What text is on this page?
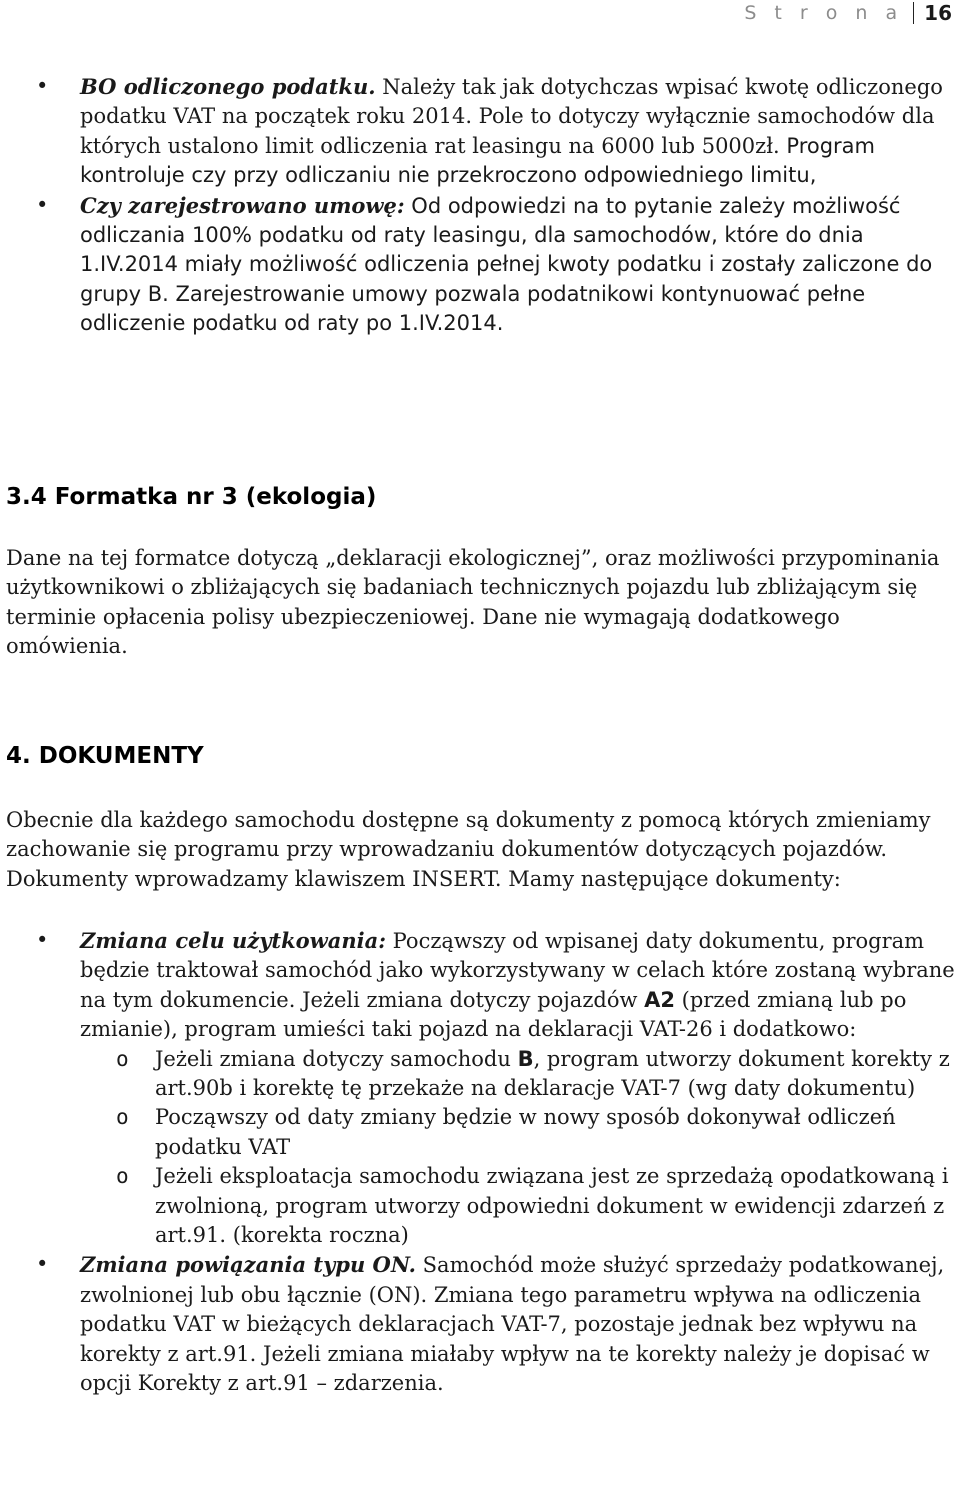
S t r o n a	16
• BO odliczonego podatku. Należy tak jak dotychczas wpisać kwotę odliczonego podatku VAT na początek roku 2014. Pole to dotyczy wyłącznie samochodów dla których ustalono limit odliczenia rat leasingu na 6000 lub 5000zł. Program kontroluje czy przy odliczaniu nie przekroczono odpowiedniego limitu,
• Czy zarejestrowano umowę: Od odpowiedzi na to pytanie zależy możliwość odliczania 100% podatku od raty leasingu, dla samochodów, które do dnia 1.IV.2014 miały możliwość odliczenia pełnej kwoty podatku i zostały zaliczone do grupy B. Zarejestrowanie umowy pozwala podatnikowi kontynuować pełne odliczenie podatku od raty po 1.IV.2014.
3.4 Formatka nr 3 (ekologia)
Dane na tej formatce dotyczą „deklaracji ekologicznej”, oraz możliwości przypominania użytkownikowi o zbliżających się badaniach technicznych pojazdu lub zbliżającym się terminie opłacenia polisy ubezpieczeniowej. Dane nie wymagają dodatkowego omówienia.
4. DOKUMENTY
Obecnie dla każdego samochodu dostępne są dokumenty z pomocą których zmieniamy zachowanie się programu przy wprowadzaniu dokumentów dotyczących pojazdów. Dokumenty wprowadzamy klawiszem INSERT. Mamy następujące dokumenty:
• Zmiana celu użytkowania: Począwszy od wpisanej daty dokumentu, program będzie traktował samochód jako wykorzystywany w celach które zostaną wybrane na tym dokumencie. Jeżeli zmiana dotyczy pojazdów A2 (przed zmianą lub po zmianie), program umieści taki pojazd na deklaracji VAT-26 i dodatkowo:
o Jeżeli zmiana dotyczy samochodu B, program utworzy dokument korekty z art.90b i korektę tę przekaże na deklaracje VAT-7 (wg daty dokumentu)
o Począwszy od daty zmiany będzie w nowy sposób dokonywał odliczeń podatku VAT
o Jeżeli eksploatacja samochodu związana jest ze sprzedażą opodatkowaną i zwolnioną, program utworzy odpowiedni dokument w ewidencji zdarzeń z art.91. (korekta roczna)
• Zmiana powiązania typu ON. Samochód może służyć sprzedaży podatkowanej, zwolnionej lub obu łącznie (ON). Zmiana tego parametru wpływa na odliczenia podatku VAT w bieżących deklaracjach VAT-7, pozostaje jednak bez wpływu na korekty z art.91. Jeżeli zmiana miałaby wpływ na te korekty należy je dopisać w opcji Korekty z art.91 – zdarzenia.
